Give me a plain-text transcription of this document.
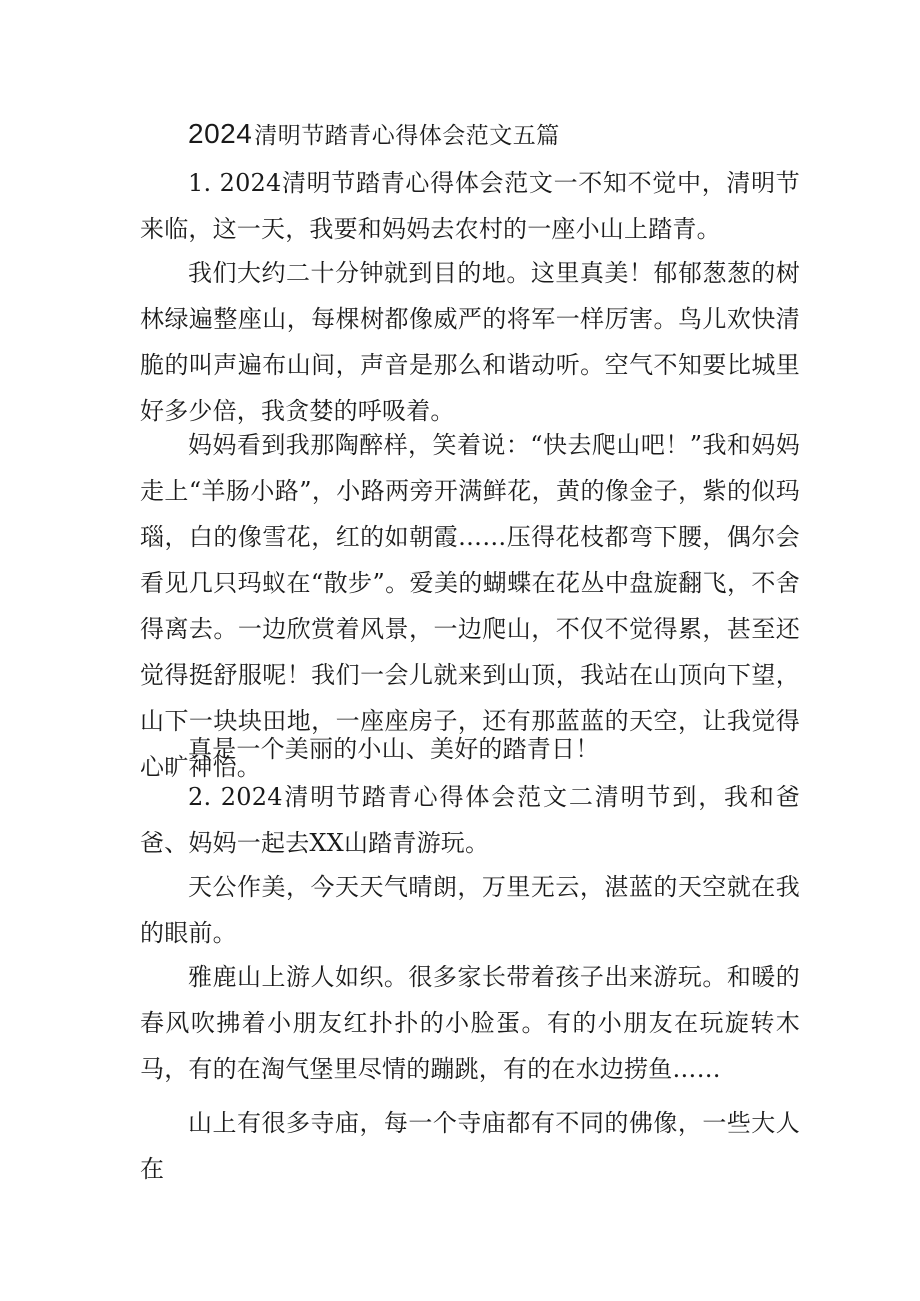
2024清明节踏青心得体会范文五篇

1. 2024清明节踏青心得体会范文一不知不觉中，清明节来临，这一天，我要和妈妈去农村的一座小山上踏青。

我们大约二十分钟就到目的地。这里真美！郁郁葱葱的树林绿遍整座山，每棵树都像威严的将军一样厉害。鸟儿欢快清脆的叫声遍布山间，声音是那么和谐动听。空气不知要比城里好多少倍，我贪婪的呼吸着。

妈妈看到我那陶醉样，笑着说：“快去爬山吧！”我和妈妈走上“羊肠小路”，小路两旁开满鲜花，黄的像金子，紫的似玛瑙，白的像雪花，红的如朝霞……压得花枝都弯下腰，偶尔会看见几只玛蚁在“散步”。爱美的蝴蝶在花丛中盘旋翻飞，不舍得离去。一边欣赏着风景，一边爬山，不仅不觉得累，甚至还觉得挺舒服呢！我们一会儿就来到山顶，我站在山顶向下望，山下一块块田地，一座座房子，还有那蓝蓝的天空，让我觉得心旷神怡。

真是一个美丽的小山、美好的踏青日！

2. 2024清明节踏青心得体会范文二清明节到，我和爸爸、妈妈一起去XX山踏青游玩。

天公作美，今天天气晴朗，万里无云，湛蓝的天空就在我的眼前。

雅鹿山上游人如织。很多家长带着孩子出来游玩。和暖的春风吹拂着小朋友红扑扑的小脸蛋。有的小朋友在玩旋转木马，有的在淘气堡里尽情的蹦跳，有的在水边捞鱼……

山上有很多寺庙，每一个寺庙都有不同的佛像，一些大人在
